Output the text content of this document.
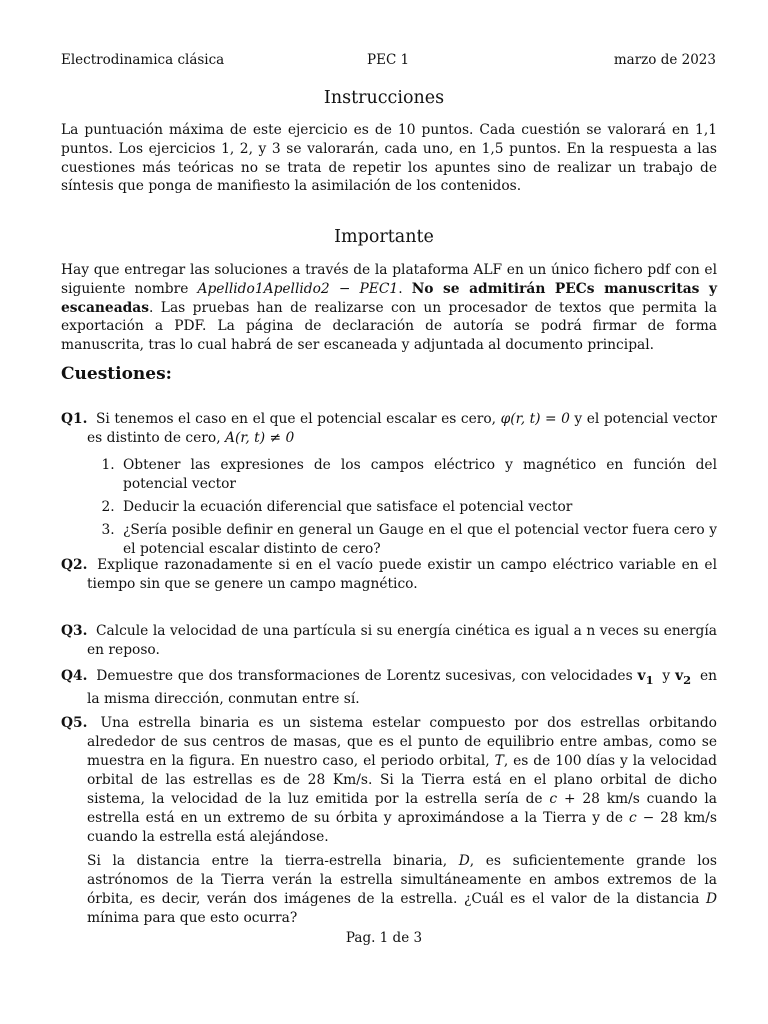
Electrodinamica clásica	PEC 1	marzo de 2023
Instrucciones

La puntuación máxima de este ejercicio es de 10 puntos. Cada cuestión se valorará en 1,1 puntos. Los ejercicios 1, 2, y 3 se valorarán, cada uno, en 1,5 puntos. En la respuesta a las cuestiones más teóricas no se trata de repetir los apuntes sino de realizar un trabajo de síntesis que ponga de manifiesto la asimilación de los contenidos.

Importante

Hay que entregar las soluciones a través de la plataforma ALF en un único fichero pdf con el siguiente nombre Apellido1Apellido2 − PEC1. No se admitirán PECs manuscritas y escaneadas. Las pruebas han de realizarse con un procesador de textos que permita la exportación a PDF. La página de declaración de autoría se podrá firmar de forma manuscrita, tras lo cual habrá de ser escaneada y adjuntada al documento principal.

Cuestiones:

Q1. Si tenemos el caso en el que el potencial escalar es cero, φ(r, t) = 0 y el potencial vector es distinto de cero, A(r, t) ≠ 0
1. Obtener las expresiones de los campos eléctrico y magnético en función del potencial vector
2. Deducir la ecuación diferencial que satisface el potencial vector
3. ¿Sería posible definir en general un Gauge en el que el potencial vector fuera cero y el potencial escalar distinto de cero?
Q2. Explique razonadamente si en el vacío puede existir un campo eléctrico variable en el tiempo sin que se genere un campo magnético.
Q3. Calcule la velocidad de una partícula si su energía cinética es igual a n veces su energía en reposo.
Q4. Demuestre que dos transformaciones de Lorentz sucesivas, con velocidades $v_1$ y $v_2$ en la misma dirección, conmutan entre sí.
Q5. Una estrella binaria es un sistema estelar compuesto por dos estrellas orbitando alrededor de sus centros de masas, que es el punto de equilibrio entre ambas, como se muestra en la figura. En nuestro caso, el periodo orbital, T, es de 100 días y la velocidad orbital de las estrellas es de 28 Km/s. Si la Tierra está en el plano orbital de dicho sistema, la velocidad de la luz emitida por la estrella sería de c + 28 km/s cuando la estrella está en un extremo de su órbita y aproximándose a la Tierra y de c − 28 km/s cuando la estrella está alejándose.
Si la distancia entre la tierra-estrella binaria, D, es suficientemente grande los astrónomos de la Tierra verán la estrella simultáneamente en ambos extremos de la órbita, es decir, verán dos imágenes de la estrella. ¿Cuál es el valor de la distancia D mínima para que esto ocurra?
Pag. 1 de 3
